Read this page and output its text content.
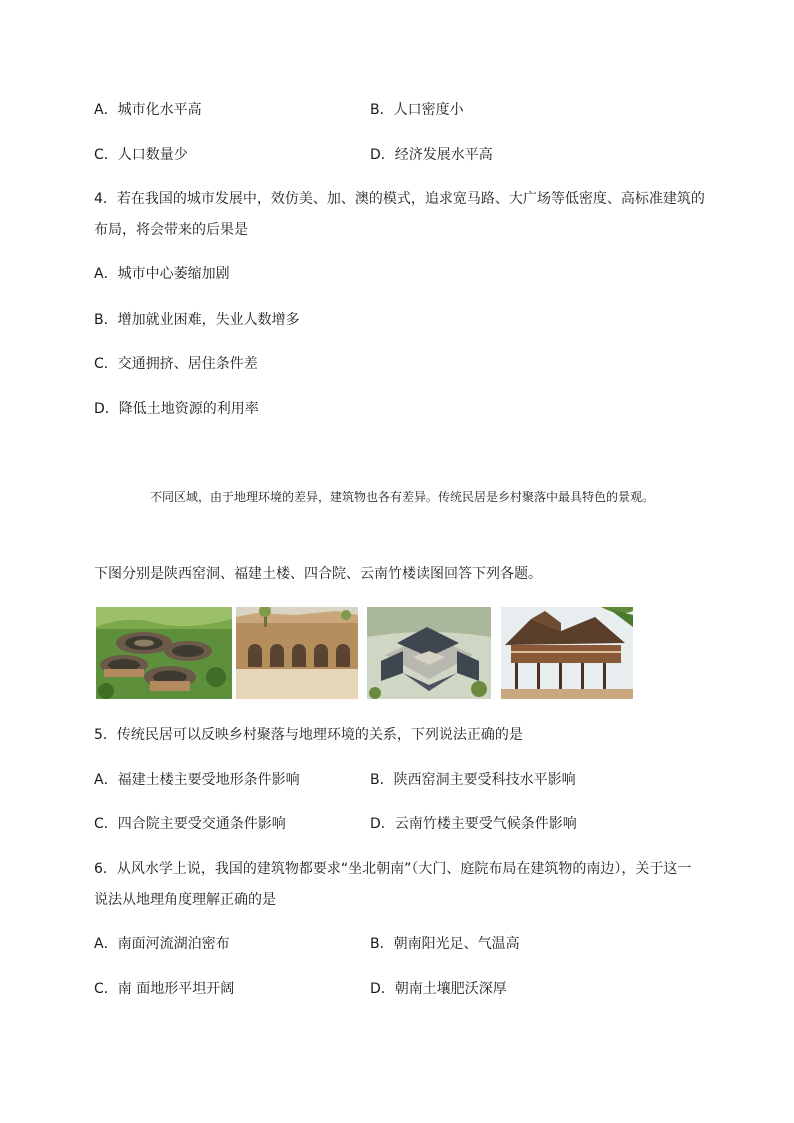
A．城市化水平高	B．人口密度小
C．人口数量少	D．经济发展水平高
4．若在我国的城市发展中，效仿美、加、澳的模式，追求宽马路、大广场等低密度、高标准建筑的
布局，将会带来的后果是
A．城市中心萎缩加剧
B．增加就业困难，失业人数增多
C．交通拥挤、居住条件差
D．降低土地资源的利用率
不同区域，由于地理环境的差异，建筑物也各有差异。传统民居是乡村聚落中最具特色的景观。
下图分别是陕西窑洞、福建土楼、四合院、云南竹楼读图回答下列各题。
5．传统民居可以反映乡村聚落与地理环境的关系，下列说法正确的是
A．福建土楼主要受地形条件影响	B．陕西窑洞主要受科技水平影响
C．四合院主要受交通条件影响	D．云南竹楼主要受气候条件影响
6．从风水学上说，我国的建筑物都要求“坐北朝南”（大门、庭院布局在建筑物的南边），关于这一
说法从地理角度理解正确的是
A．南面河流湖泊密布	B．朝南阳光足、气温高
C．南 面地形平坦开阔	D．朝南土壤肥沃深厚
